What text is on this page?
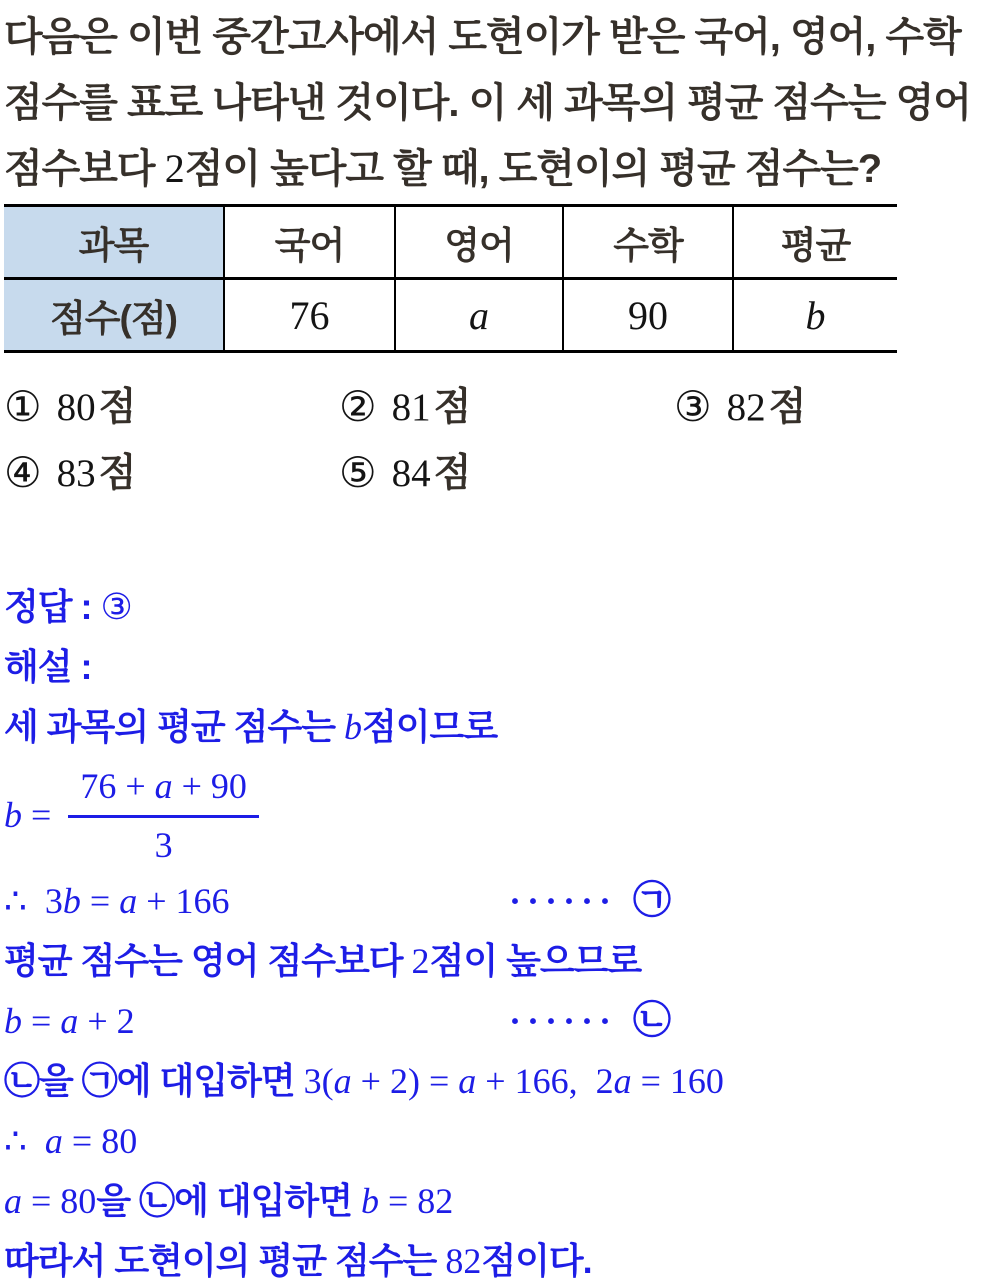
다음은 이번 중간고사에서 도현이가 받은 국어, 영어, 수학 점수를 표로 나타낸 것이다. 이 세 과목의 평균 점수는 영어 점수보다 2점이 높다고 할 때, 도현이의 평균 점수는?

과목	국어	영어	수학	평균
점수(점)	76	a	90	b
① 80 점	② 81 점	③ 82 점
④ 83 점	⑤ 84 점
정답 : ③
해설 :
세 과목의 평균 점수는 b점이므로
$b = \frac{76 + a + 90}{3}$
∴  3b = a + 166	······ ㉠
평균 점수는 영어 점수보다 2점이 높으므로
b = a + 2	······ ㉡
㉡을 ㉠에 대입하면 3(a + 2) = a + 166,  2a = 160
∴  a = 80
a = 80을 ㉡에 대입하면 b = 82
따라서 도현이의 평균 점수는 82점이다.
